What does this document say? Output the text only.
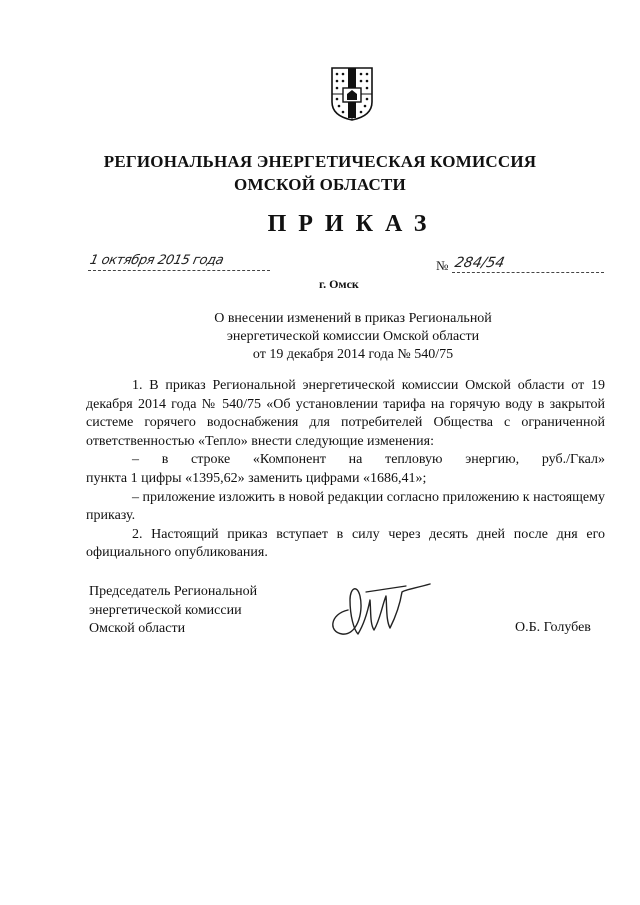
РЕГИОНАЛЬНАЯ ЭНЕРГЕТИЧЕСКАЯ КОМИССИЯ
ОМСКОЙ ОБЛАСТИ
ПРИКАЗ
1 октября 2015 года
г. Омск
№ 284/54
О внесении изменений в приказ Региональной
энергетической комиссии Омской области
от 19 декабря 2014 года № 540/75

1. В приказ Региональной энергетической комиссии Омской области от 19 декабря 2014 года № 540/75 «Об установлении тарифа на горячую воду в закрытой системе горячего водоснабжения для потребителей Общества с ограниченной ответственностью «Тепло» внести следующие изменения:

– в строке «Компонент на тепловую энергию, руб./Гкал»

пункта 1 цифры «1395,62» заменить цифрами «1686,41»;

– приложение изложить в новой редакции согласно приложению к настоящему приказу.

2. Настоящий приказ вступает в силу через десять дней после дня его официального опубликования.

Председатель Региональной
энергетической комиссии
Омской области	О.Б. Голубев
